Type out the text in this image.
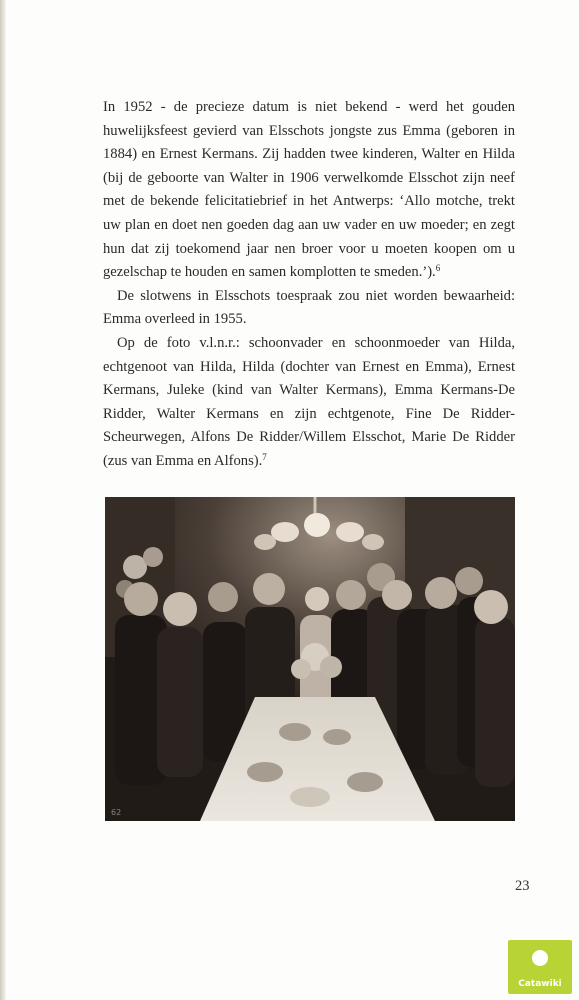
In 1952 - de precieze datum is niet bekend - werd het gouden huwelijksfeest gevierd van Elsschots jongste zus Emma (geboren in 1884) en Ernest Kermans. Zij hadden twee kinderen, Walter en Hilda (bij de geboorte van Walter in 1906 verwelkomde Elsschot zijn neef met de bekende felicitatiebrief in het Antwerps: ‘Allo motche, trekt uw plan en doet nen goeden dag aan uw vader en uw moeder; en zegt hun dat zij toekomend jaar nen broer voor u moeten koopen om u gezelschap te houden en samen komplotten te smeden.’).$^6$

De slotwens in Elsschots toespraak zou niet worden bewaarheid: Emma overleed in 1955.

Op de foto v.l.n.r.: schoonvader en schoonmoeder van Hilda, echtgenoot van Hilda, Hilda (dochter van Ernest en Emma), Ernest Kermans, Juleke (kind van Walter Kermans), Emma Kermans-De Ridder, Walter Kermans en zijn echtgenote, Fine De Ridder-Scheurwegen, Alfons De Ridder/Willem Elsschot, Marie De Ridder (zus van Emma en Alfons).$^7$

62
23
Catawiki
